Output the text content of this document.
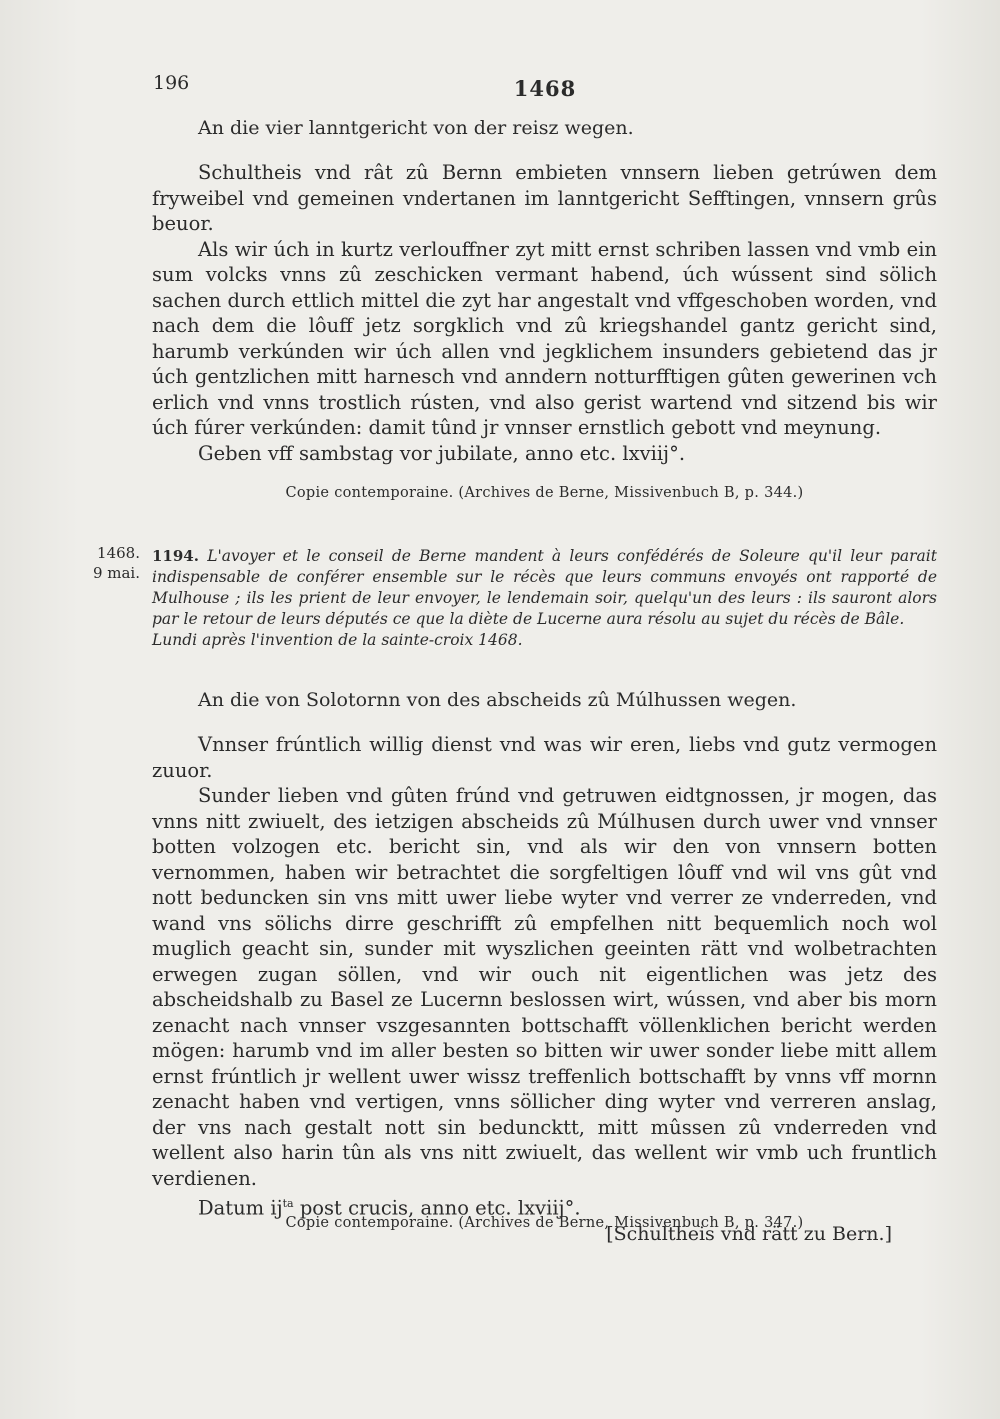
196	1468
An die vier lanntgericht von der reisz wegen.

Schultheis vnd rât zû Bernn embieten vnnsern lieben getrúwen dem fryweibel vnd gemeinen vndertanen im lanntgericht Sefftingen, vnnsern grûs beuor.

Als wir úch in kurtz verlouffner zyt mitt ernst schriben lassen vnd vmb ein sum volcks vnns zû zeschicken vermant habend, úch wússent sind sölich sachen durch ettlich mittel die zyt har angestalt vnd vffgeschoben worden, vnd nach dem die lôuff jetz sorgklich vnd zû kriegshandel gantz gericht sind, harumb verkúnden wir úch allen vnd jegklichem insunders gebietend das jr úch gentzlichen mitt harnesch vnd anndern notturfftigen gûten gewerinen vch erlich vnd vnns trostlich rústen, vnd also gerist wartend vnd sitzend bis wir úch fúrer verkúnden: damit tûnd jr vnnser ernstlich gebott vnd meynung.

Geben vff sambstag vor jubilate, anno etc. lxviij°.

Copie contemporaine. (Archives de Berne, Missivenbuch B, p. 344.)
1468.
9 mai.
1194. L'avoyer et le conseil de Berne mandent à leurs confédérés de Soleure qu'il leur parait indispensable de conférer ensemble sur le récès que leurs communs envoyés ont rapporté de Mulhouse ; ils les prient de leur envoyer, le lendemain soir, quelqu'un des leurs : ils sauront alors par le retour de leurs députés ce que la diète de Lucerne aura résolu au sujet du récès de Bâle.
Lundi après l'invention de la sainte-croix 1468.
An die von Solotornn von des abscheids zû Múlhussen wegen.

Vnnser frúntlich willig dienst vnd was wir eren, liebs vnd gutz vermogen zuuor.

Sunder lieben vnd gûten frúnd vnd getruwen eidtgnossen, jr mogen, das vnns nitt zwiuelt, des ietzigen abscheids zû Múlhusen durch uwer vnd vnnser botten volzogen etc. bericht sin, vnd als wir den von vnnsern botten vernommen, haben wir betrachtet die sorgfeltigen lôuff vnd wil vns gût vnd nott beduncken sin vns mitt uwer liebe wyter vnd verrer ze vnderreden, vnd wand vns sölichs dirre geschrifft zû empfelhen nitt bequemlich noch wol muglich geacht sin, sunder mit wyszlichen geeinten rätt vnd wolbetrachten erwegen zugan söllen, vnd wir ouch nit eigentlichen was jetz des abscheidshalb zu Basel ze Lucernn beslossen wirt, wússen, vnd aber bis morn zenacht nach vnnser vszgesannten bottschafft völlenklichen bericht werden mögen: harumb vnd im aller besten so bitten wir uwer sonder liebe mitt allem ernst frúntlich jr wellent uwer wissz treffenlich bottschafft by vnns vff mornn zenacht haben vnd vertigen, vnns söllicher ding wyter vnd verreren anslag, der vns nach gestalt nott sin beduncktt, mitt mûssen zû vnderreden vnd wellent also harin tûn als vns nitt zwiuelt, das wellent wir vmb uch fruntlich verdienen.

Datum $ij^{ta}$ post crucis, anno etc. lxviij°.

[Schultheis vnd rätt zu Bern.]
Copie contemporaine. (Archives de Berne, Missivenbuch B, p. 347.)
